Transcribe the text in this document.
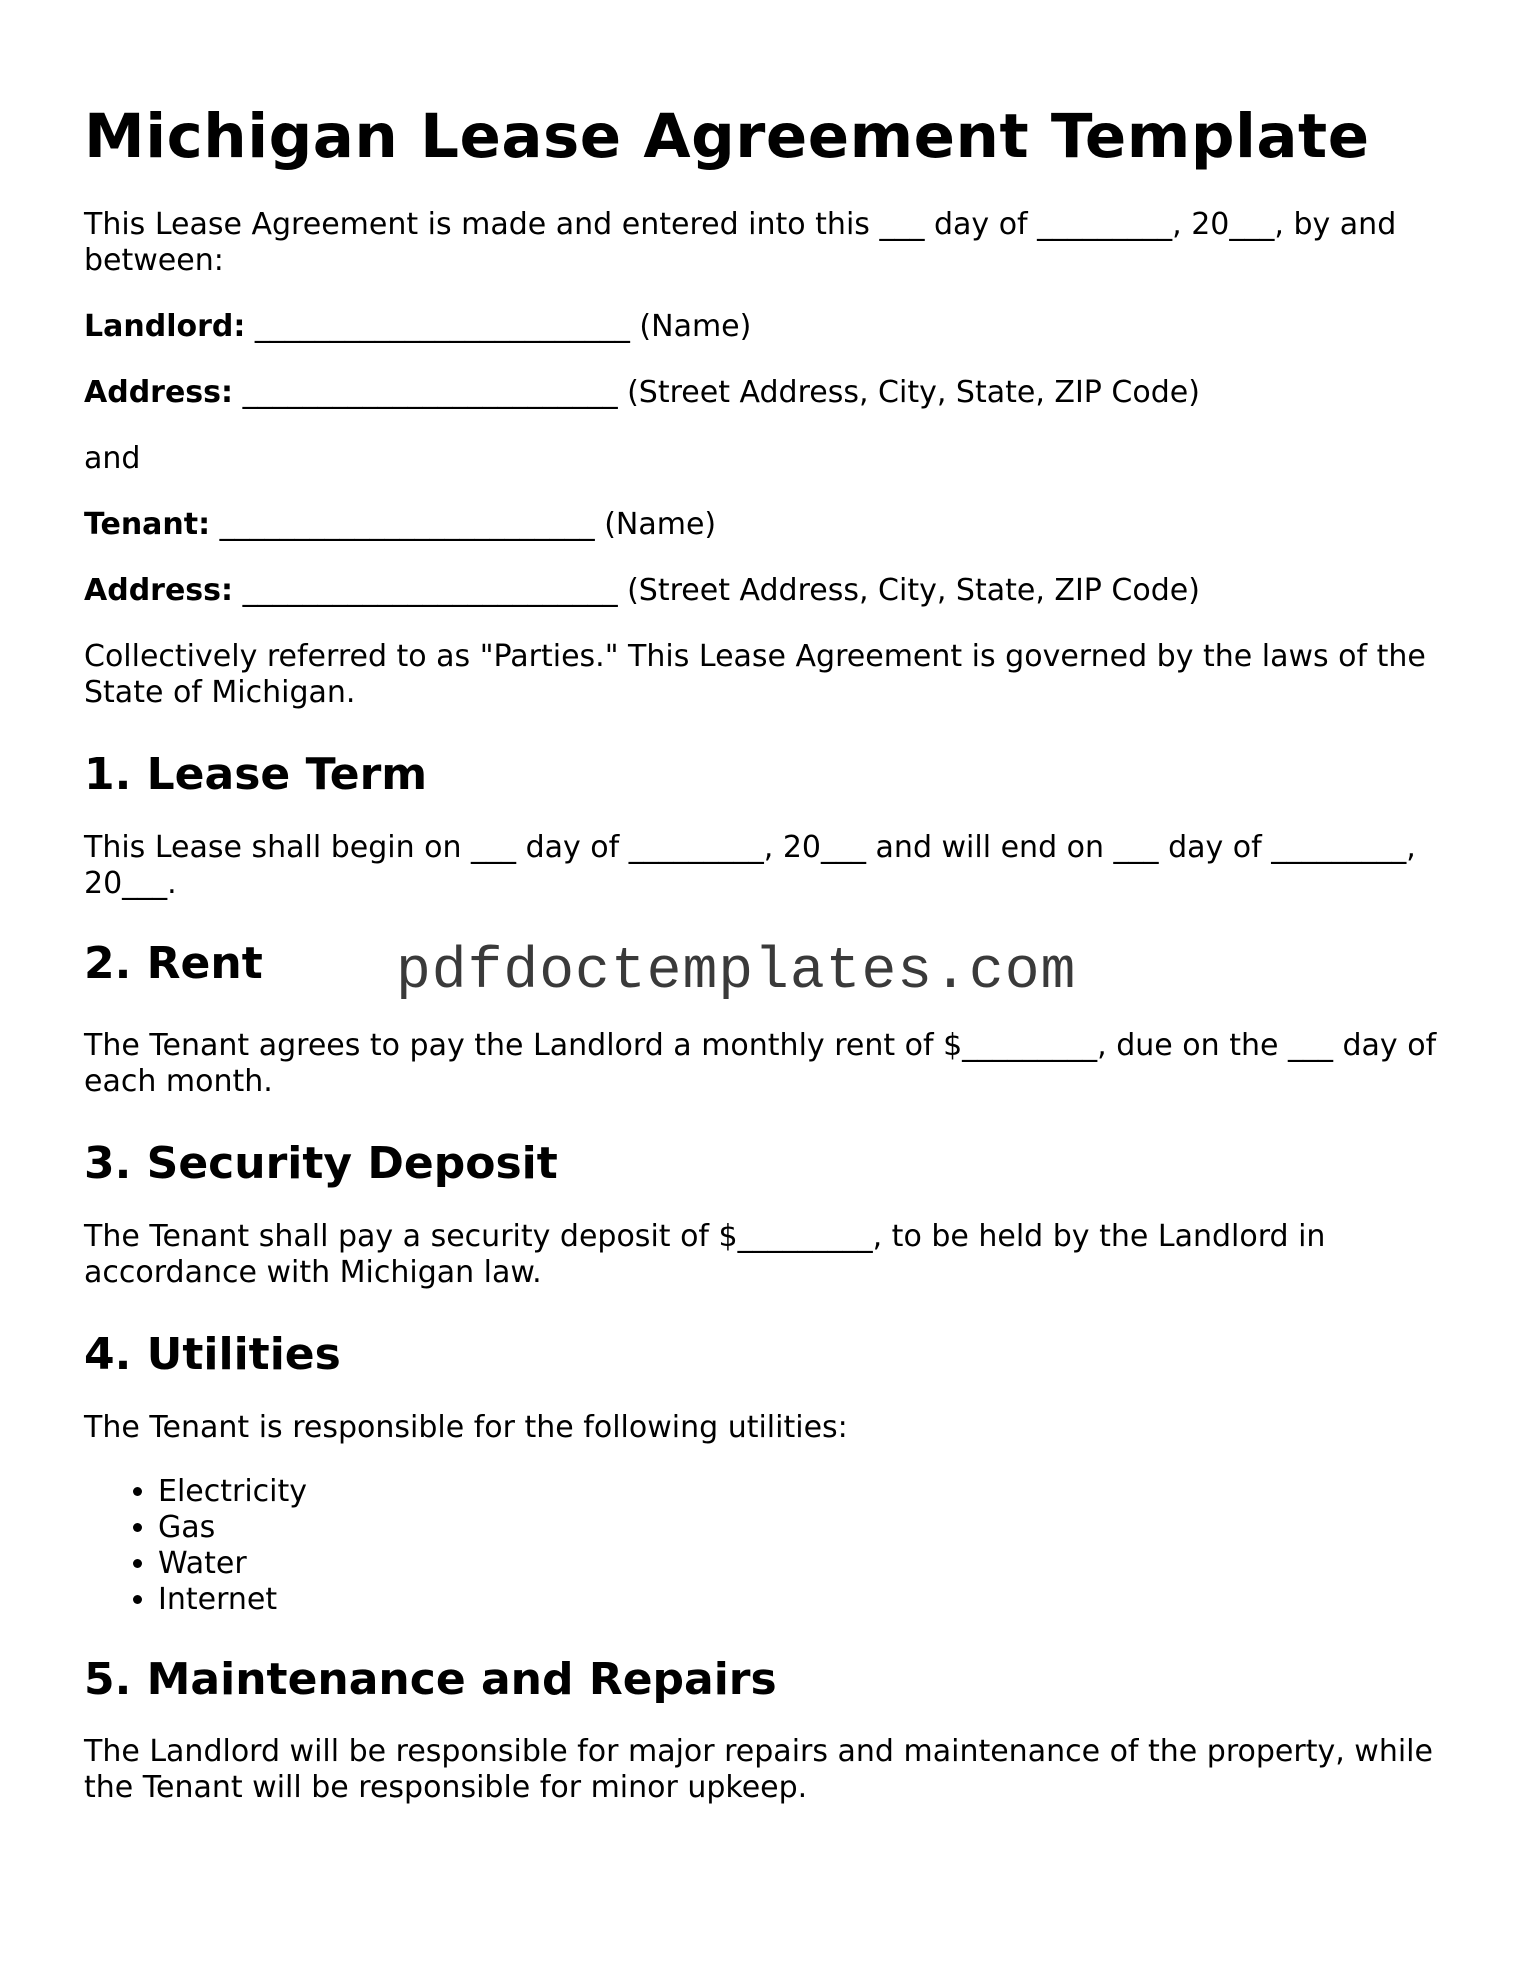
Michigan Lease Agreement Template

This Lease Agreement is made and entered into this ___ day of _________, 20___, by and between:

Landlord: _________________________ (Name)

Address: _________________________ (Street Address, City, State, ZIP Code)

and

Tenant: _________________________ (Name)

Address: _________________________ (Street Address, City, State, ZIP Code)

Collectively referred to as "Parties." This Lease Agreement is governed by the laws of the State of Michigan.

1. Lease Term

This Lease shall begin on ___ day of _________, 20___ and will end on ___ day of _________, 20___.

2. Rent pdfdoctemplates.com

The Tenant agrees to pay the Landlord a monthly rent of $_________, due on the ___ day of each month.

3. Security Deposit

The Tenant shall pay a security deposit of $_________, to be held by the Landlord in accordance with Michigan law.

4. Utilities

The Tenant is responsible for the following utilities:

• Electricity
• Gas
• Water
• Internet
5. Maintenance and Repairs

The Landlord will be responsible for major repairs and maintenance of the property, while the Tenant will be responsible for minor upkeep.
